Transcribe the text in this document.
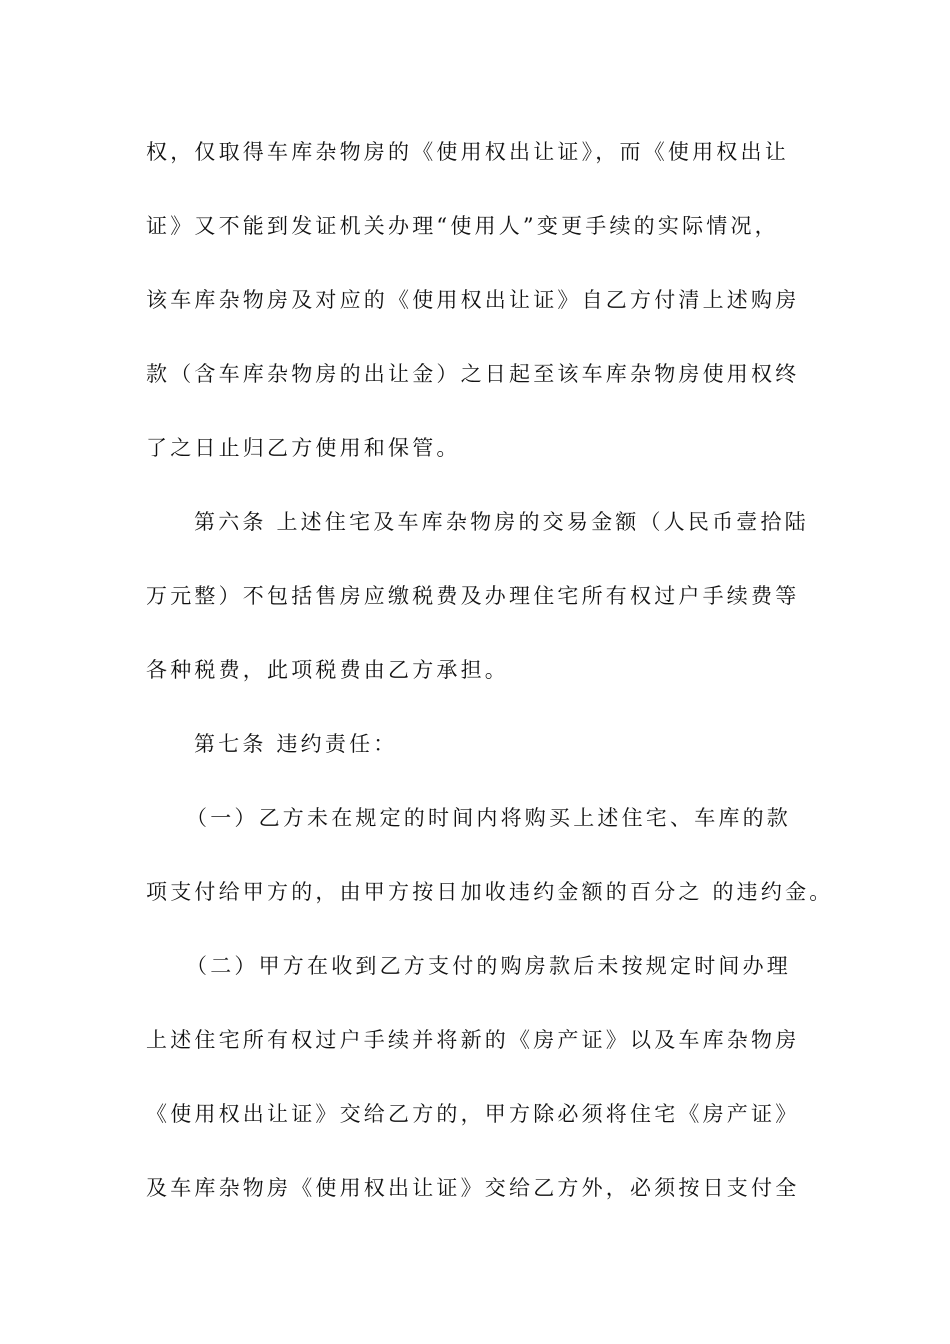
权，仅取得车库杂物房的《使用权出让证》，而《使用权出让
证》又不能到发证机关办理“使用人”变更手续的实际情况，
该车库杂物房及对应的《使用权出让证》自乙方付清上述购房
款（含车库杂物房的出让金）之日起至该车库杂物房使用权终
了之日止归乙方使用和保管。
第六条 上述住宅及车库杂物房的交易金额（人民币壹拾陆
万元整）不包括售房应缴税费及办理住宅所有权过户手续费等
各种税费，此项税费由乙方承担。
第七条 违约责任：
（一）乙方未在规定的时间内将购买上述住宅、车库的款
项支付给甲方的，由甲方按日加收违约金额的百分之 的违约金。
（二）甲方在收到乙方支付的购房款后未按规定时间办理
上述住宅所有权过户手续并将新的《房产证》以及车库杂物房
《使用权出让证》交给乙方的，甲方除必须将住宅《房产证》
及车库杂物房《使用权出让证》交给乙方外，必须按日支付全
